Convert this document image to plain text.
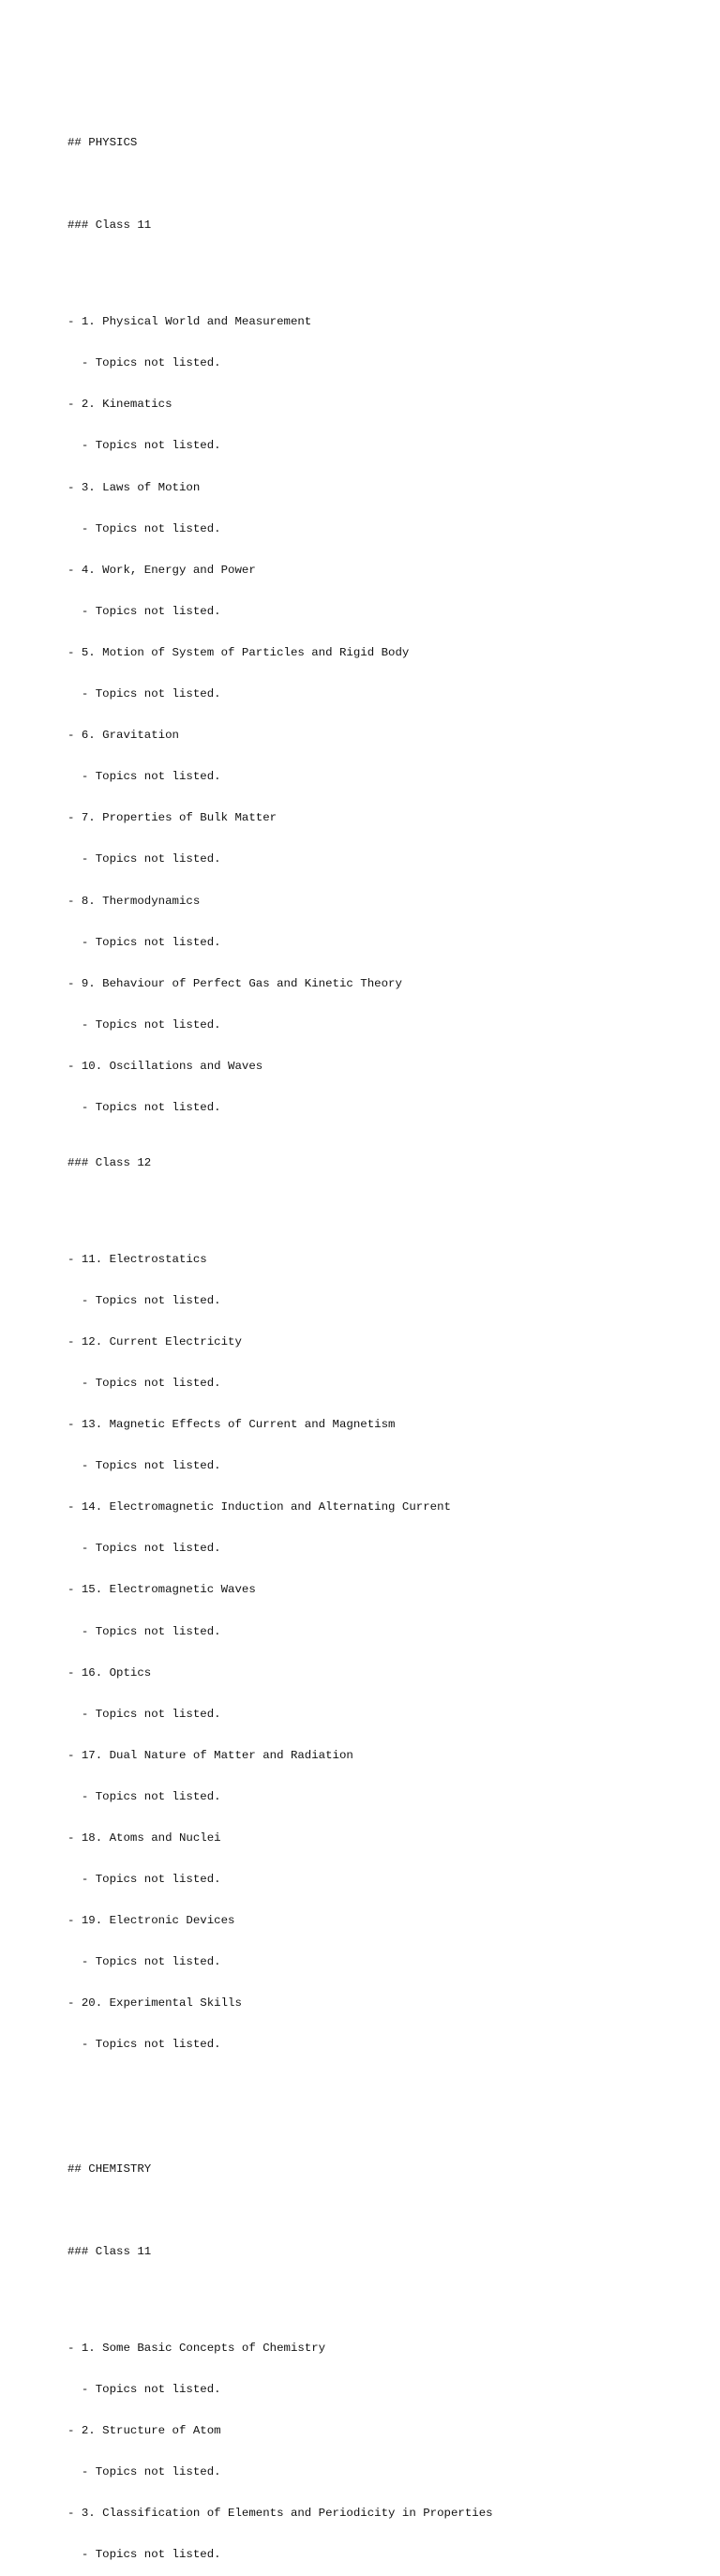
## PHYSICS

### Class 11

- 1. Physical World and Measurement

- Topics not listed.

- 2. Kinematics

- Topics not listed.

- 3. Laws of Motion

- Topics not listed.

- 4. Work, Energy and Power

- Topics not listed.

- 5. Motion of System of Particles and Rigid Body

- Topics not listed.

- 6. Gravitation

- Topics not listed.

- 7. Properties of Bulk Matter

- Topics not listed.

- 8. Thermodynamics

- Topics not listed.

- 9. Behaviour of Perfect Gas and Kinetic Theory

- Topics not listed.

- 10. Oscillations and Waves

- Topics not listed.

### Class 12

- 11. Electrostatics

- Topics not listed.

- 12. Current Electricity

- Topics not listed.

- 13. Magnetic Effects of Current and Magnetism

- Topics not listed.

- 14. Electromagnetic Induction and Alternating Current

- Topics not listed.

- 15. Electromagnetic Waves

- Topics not listed.

- 16. Optics

- Topics not listed.

- 17. Dual Nature of Matter and Radiation

- Topics not listed.

- 18. Atoms and Nuclei

- Topics not listed.

- 19. Electronic Devices

- Topics not listed.

- 20. Experimental Skills

- Topics not listed.

## CHEMISTRY

### Class 11

- 1. Some Basic Concepts of Chemistry

- Topics not listed.

- 2. Structure of Atom

- Topics not listed.

- 3. Classification of Elements and Periodicity in Properties

- Topics not listed.
